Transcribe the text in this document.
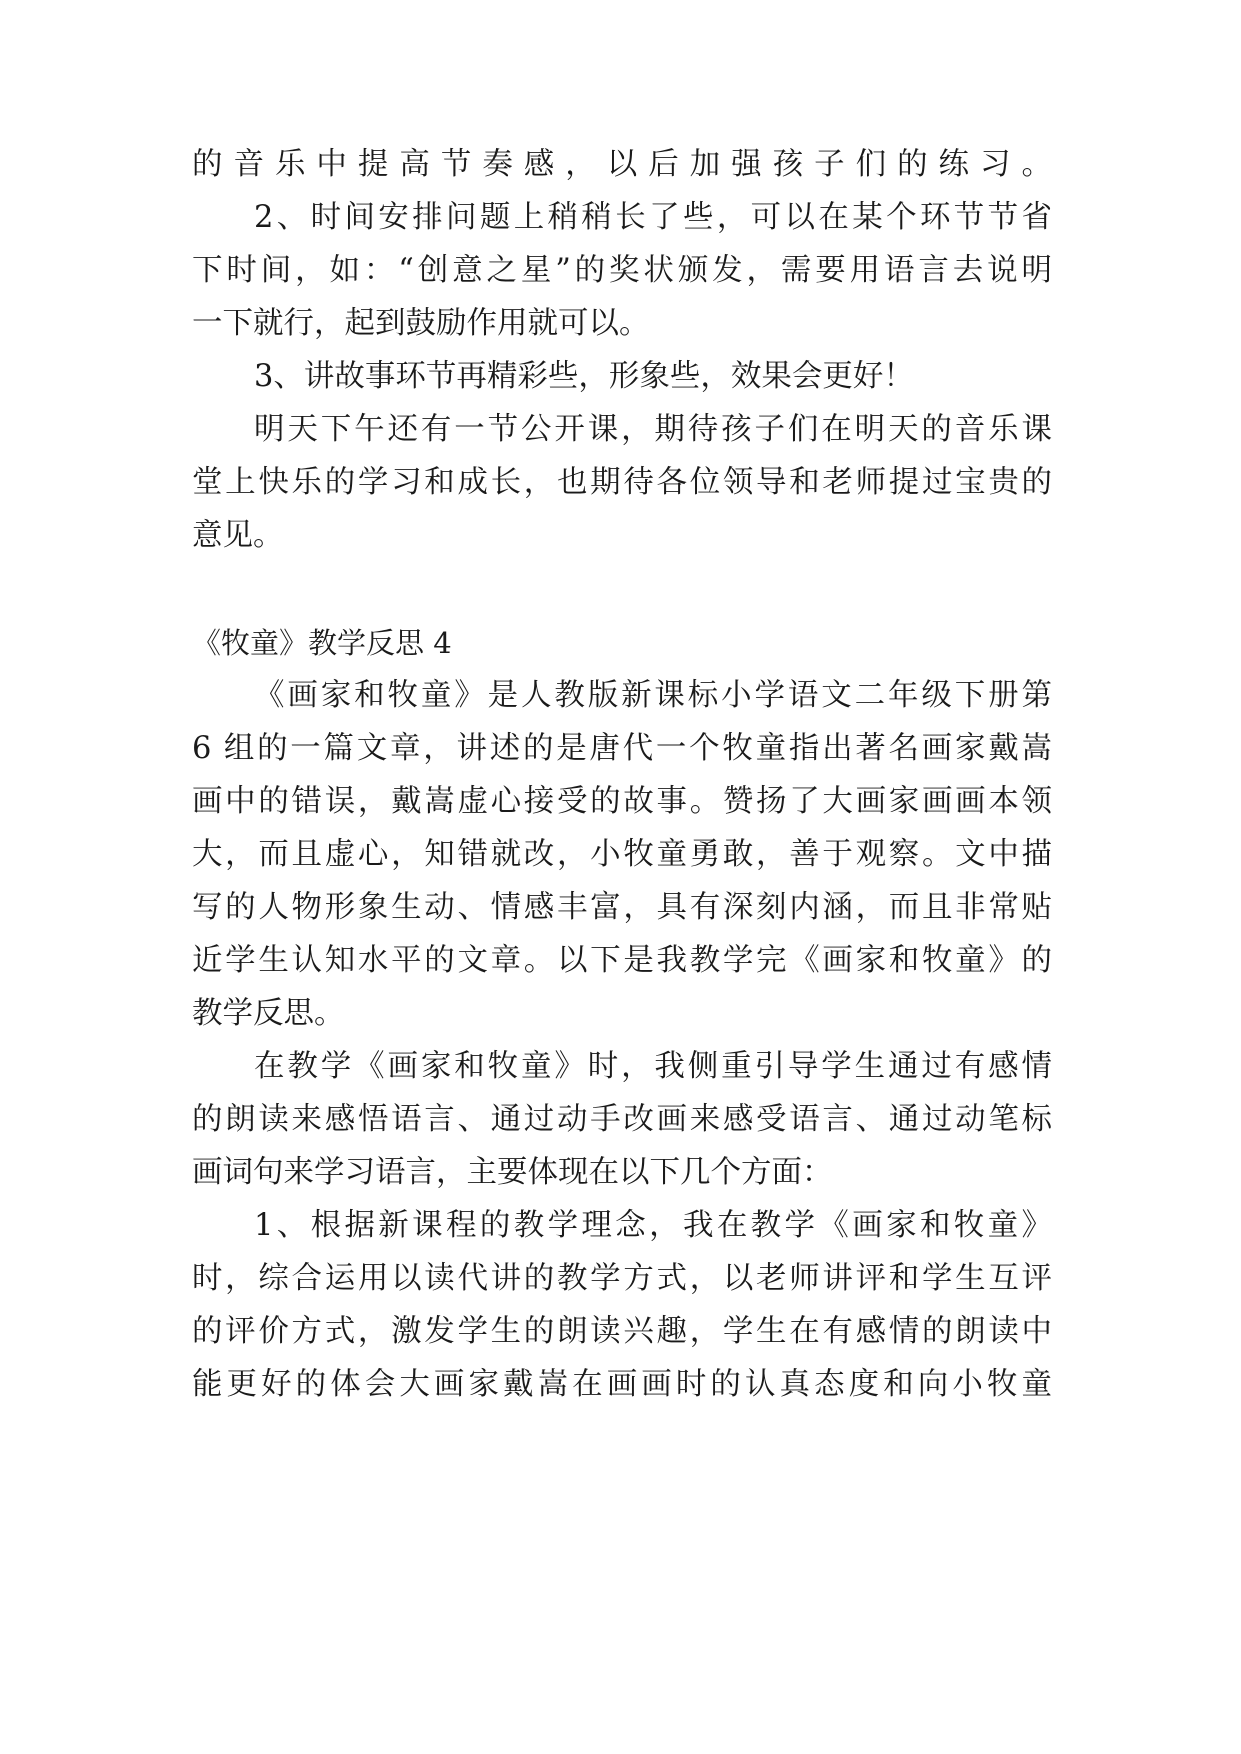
的音乐中提高节奏感，以后加强孩子们的练习。
2、时间安排问题上稍稍长了些，可以在某个环节节省
下时间，如：“创意之星”的奖状颁发，需要用语言去说明
一下就行，起到鼓励作用就可以。
3、讲故事环节再精彩些，形象些，效果会更好！
明天下午还有一节公开课，期待孩子们在明天的音乐课
堂上快乐的学习和成长，也期待各位领导和老师提过宝贵的
意见。
《牧童》教学反思 4
《画家和牧童》是人教版新课标小学语文二年级下册第
6 组的一篇文章，讲述的是唐代一个牧童指出著名画家戴嵩
画中的错误，戴嵩虚心接受的故事。赞扬了大画家画画本领
大，而且虚心，知错就改，小牧童勇敢，善于观察。文中描
写的人物形象生动、情感丰富，具有深刻内涵，而且非常贴
近学生认知水平的文章。以下是我教学完《画家和牧童》的
教学反思。
在教学《画家和牧童》时，我侧重引导学生通过有感情
的朗读来感悟语言、通过动手改画来感受语言、通过动笔标
画词句来学习语言，主要体现在以下几个方面：
1、根据新课程的教学理念，我在教学《画家和牧童》
时，综合运用以读代讲的教学方式，以老师讲评和学生互评
的评价方式，激发学生的朗读兴趣，学生在有感情的朗读中
能更好的体会大画家戴嵩在画画时的认真态度和向小牧童
